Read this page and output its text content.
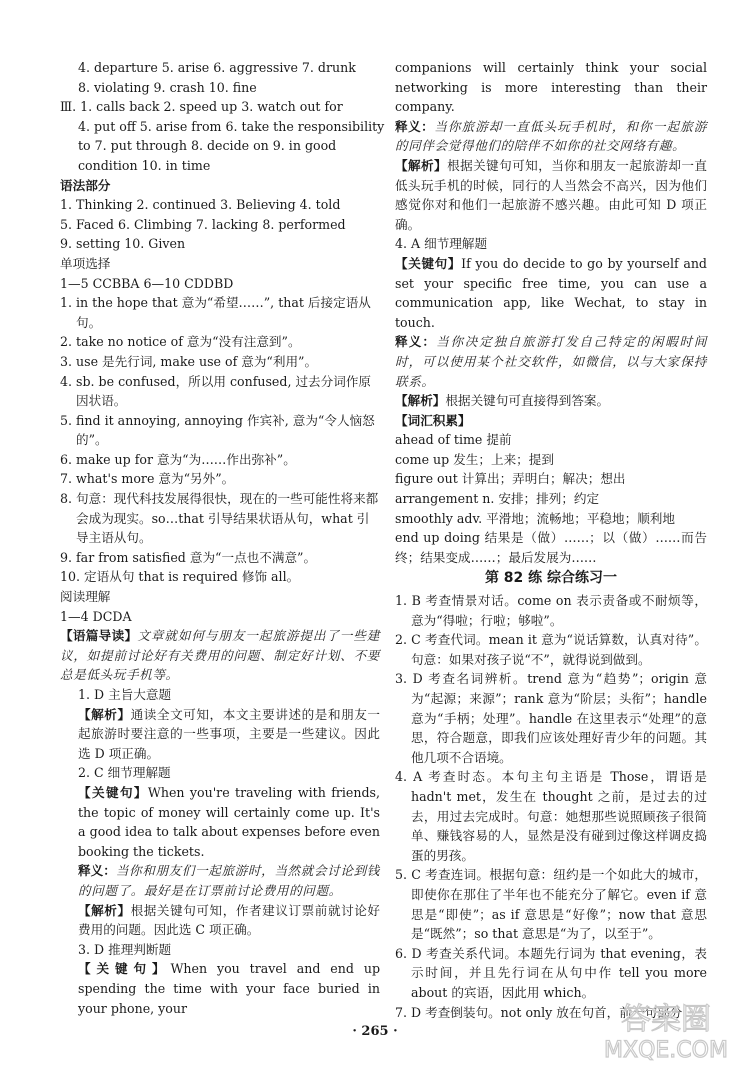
4. departure 5. arise 6. aggressive 7. drunk
8. violating 9. crash 10. fine
Ⅲ. 1. calls back 2. speed up 3. watch out for
4. put off 5. arise from 6. take the responsibility
to 7. put through 8. decide on 9. in good
condition 10. in time
语法部分
1. Thinking 2. continued 3. Believing 4. told
5. Faced 6. Climbing 7. lacking 8. performed
9. setting 10. Given
单项选择
1—5 CCBBA 6—10 CDDBD
1. in the hope that 意为“希望……”, that 后接定语从句。
2. take no notice of 意为“没有注意到”。
3. use 是先行词, make use of 意为“利用”。
4. sb. be confused，所以用 confused, 过去分词作原因状语。
5. find it annoying, annoying 作宾补, 意为“令人恼怒的”。
6. make up for 意为“为……作出弥补”。
7. what's more 意为“另外”。
8. 句意：现代科技发展得很快，现在的一些可能性将来都会成为现实。so…that 引导结果状语从句，what 引导主语从句。
9. far from satisfied 意为“一点也不满意”。
10. 定语从句 that is required 修饰 all。
阅读理解
1—4 DCDA
【语篇导读】文章就如何与朋友一起旅游提出了一些建议，如提前讨论好有关费用的问题、制定好计划、不要总是低头玩手机等。
1. D 主旨大意题
【解析】通读全文可知，本文主要讲述的是和朋友一起旅游时要注意的一些事项，主要是一些建议。因此选 D 项正确。
2. C 细节理解题
【关键句】When you're traveling with friends, the topic of money will certainly come up. It's a good idea to talk about expenses before even booking the tickets.
释义：当你和朋友们一起旅游时，当然就会讨论到钱的问题了。最好是在订票前讨论费用的问题。
【解析】根据关键句可知，作者建议订票前就讨论好费用的问题。因此选 C 项正确。
3. D 推理判断题
【关键句】When you travel and end up spending the time with your face buried in your phone, your
companions will certainly think your social networking is more interesting than their company.
释义：当你旅游却一直低头玩手机时，和你一起旅游的同伴会觉得他们的陪伴不如你的社交网络有趣。
【解析】根据关键句可知，当你和朋友一起旅游却一直低头玩手机的时候，同行的人当然会不高兴，因为他们感觉你对和他们一起旅游不感兴趣。由此可知 D 项正确。
4. A 细节理解题
【关键句】If you do decide to go by yourself and set your specific free time, you can use a communication app, like Wechat, to stay in touch.
释义：当你决定独自旅游打发自己特定的闲暇时间时，可以使用某个社交软件，如微信，以与大家保持联系。
【解析】根据关键句可直接得到答案。
【词汇积累】
ahead of time 提前
come up 发生；上来；提到
figure out 计算出；弄明白；解决；想出
arrangement n. 安排；排列；约定
smoothly adv. 平滑地；流畅地；平稳地；顺利地
end up doing 结果是（做）……；以（做）……而告终；结果变成……；最后发展为……
第 82 练 综合练习一
1. B 考查情景对话。come on 表示责备或不耐烦等，意为“得啦；行啦；够啦”。
2. C 考查代词。mean it 意为“说话算数，认真对待”。句意：如果对孩子说“不”，就得说到做到。
3. D 考查名词辨析。trend 意为“趋势”；origin 意为“起源；来源”；rank 意为“阶层；头衔”；handle 意为“手柄；处理”。handle 在这里表示“处理”的意思，符合题意，即我们应该处理好青少年的问题。其他几项不合语境。
4. A 考查时态。本句主句主语是 Those，谓语是 hadn't met，发生在 thought 之前，是过去的过去，用过去完成时。句意：她想那些说照顾孩子很简单、赚钱容易的人，显然是没有碰到过像这样调皮捣蛋的男孩。
5. C 考查连词。根据句意：纽约是一个如此大的城市，即使你在那住了半年也不能充分了解它。even if 意思是“即使”；as if 意思是“好像”；now that 意思是“既然”；so that 意思是“为了，以至于”。
6. D 考查关系代词。本题先行词为 that evening，表示时间，并且先行词在从句中作 tell you more about 的宾语，因此用 which。
7. D 考查倒装句。not only 放在句首，前一句部分
· 265 ·	答案圈
MXQE.COM
